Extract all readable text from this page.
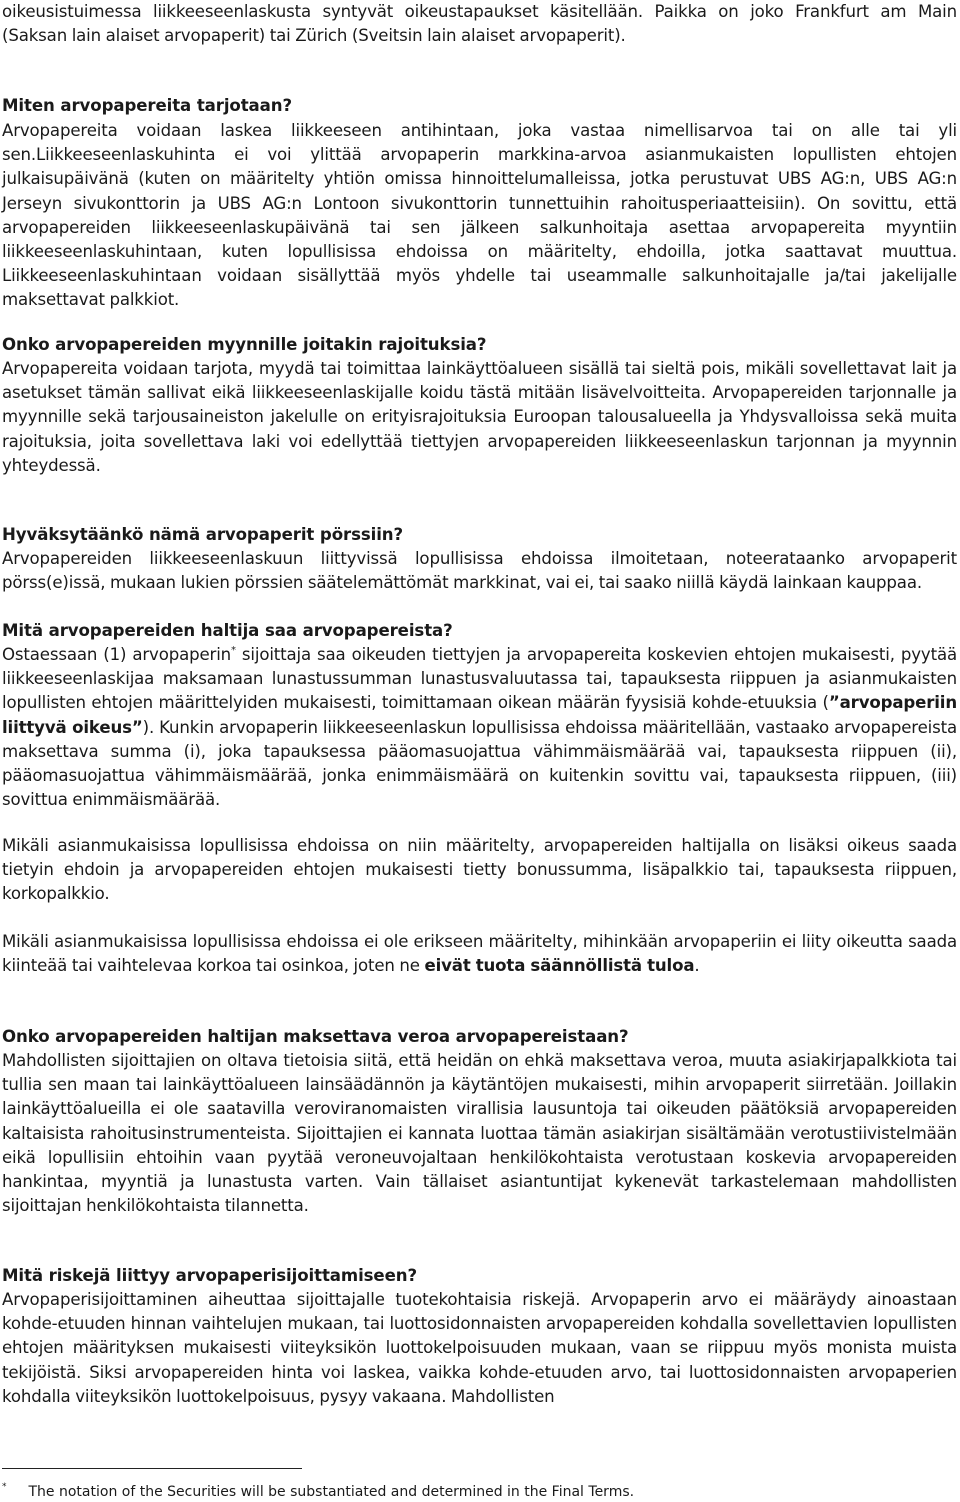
oikeusistuimessa liikkeeseenlaskusta syntyvät oikeustapaukset käsitellään. Paikka on joko Frankfurt am Main (Saksan lain alaiset arvopaperit) tai Zürich (Sveitsin lain alaiset arvopaperit).

Miten arvopapereita tarjotaan?

Arvopapereita voidaan laskea liikkeeseen antihintaan, joka vastaa nimellisarvoa tai on alle tai yli sen.Liikkeeseenlaskuhinta ei voi ylittää arvopaperin markkina-arvoa asianmukaisten lopullisten ehtojen julkaisupäivänä (kuten on määritelty yhtiön omissa hinnoittelumalleissa, jotka perustuvat UBS AG:n, UBS AG:n Jerseyn sivukonttorin ja UBS AG:n Lontoon sivukonttorin tunnettuihin rahoitusperiaatteisiin). On sovittu, että arvopapereiden liikkeeseenlaskupäivänä tai sen jälkeen salkunhoitaja asettaa arvopapereita myyntiin liikkeeseenlaskuhintaan, kuten lopullisissa ehdoissa on määritelty, ehdoilla, jotka saattavat muuttua. Liikkeeseenlaskuhintaan voidaan sisällyttää myös yhdelle tai useammalle salkunhoitajalle ja/tai jakelijalle maksettavat palkkiot.

Onko arvopapereiden myynnille joitakin rajoituksia?

Arvopapereita voidaan tarjota, myydä tai toimittaa lainkäyttöalueen sisällä tai sieltä pois, mikäli sovellettavat lait ja asetukset tämän sallivat eikä liikkeeseenlaskijalle koidu tästä mitään lisävelvoitteita. Arvopapereiden tarjonnalle ja myynnille sekä tarjousaineiston jakelulle on erityisrajoituksia Euroopan talousalueella ja Yhdysvalloissa sekä muita rajoituksia, joita sovellettava laki voi edellyttää tiettyjen arvopapereiden liikkeeseenlaskun tarjonnan ja myynnin yhteydessä.

Hyväksytäänkö nämä arvopaperit pörssiin?

Arvopapereiden liikkeeseenlaskuun liittyvissä lopullisissa ehdoissa ilmoitetaan, noteerataanko arvopaperit pörss(e)issä, mukaan lukien pörssien säätelemättömät markkinat, vai ei, tai saako niillä käydä lainkaan kauppaa.

Mitä arvopapereiden haltija saa arvopapereista?

Ostaessaan (1) arvopaperin* sijoittaja saa oikeuden tiettyjen ja arvopapereita koskevien ehtojen mukaisesti, pyytää liikkeeseenlaskijaa maksamaan lunastussumman lunastusvaluutassa tai, tapauksesta riippuen ja asianmukaisten lopullisten ehtojen määrittelyiden mukaisesti, toimittamaan oikean määrän fyysisiä kohde-etuuksia (”arvopaperiin liittyvä oikeus”). Kunkin arvopaperin liikkeeseenlaskun lopullisissa ehdoissa määritellään, vastaako arvopapereista maksettava summa (i), joka tapauksessa pääomasuojattua vähimmäismäärää vai, tapauksesta riippuen (ii), pääomasuojattua vähimmäismäärää, jonka enimmäismäärä on kuitenkin sovittu vai, tapauksesta riippuen, (iii) sovittua enimmäismäärää.

Mikäli asianmukaisissa lopullisissa ehdoissa on niin määritelty, arvopapereiden haltijalla on lisäksi oikeus saada tietyin ehdoin ja arvopapereiden ehtojen mukaisesti tietty bonussumma, lisäpalkkio tai, tapauksesta riippuen, korkopalkkio.

Mikäli asianmukaisissa lopullisissa ehdoissa ei ole erikseen määritelty, mihinkään arvopaperiin ei liity oikeutta saada kiinteää tai vaihtelevaa korkoa tai osinkoa, joten ne eivät tuota säännöllistä tuloa.

Onko arvopapereiden haltijan maksettava veroa arvopapereistaan?

Mahdollisten sijoittajien on oltava tietoisia siitä, että heidän on ehkä maksettava veroa, muuta asiakirjapalkkiota tai tullia sen maan tai lainkäyttöalueen lainsäädännön ja käytäntöjen mukaisesti, mihin arvopaperit siirretään. Joillakin lainkäyttöalueilla ei ole saatavilla veroviranomaisten virallisia lausuntoja tai oikeuden päätöksiä arvopapereiden kaltaisista rahoitusinstrumenteista. Sijoittajien ei kannata luottaa tämän asiakirjan sisältämään verotustiivistelmään eikä lopullisiin ehtoihin vaan pyytää veroneuvojaltaan henkilökohtaista verotustaan koskevia arvopapereiden hankintaa, myyntiä ja lunastusta varten. Vain tällaiset asiantuntijat kykenevät tarkastelemaan mahdollisten sijoittajan henkilökohtaista tilannetta.

Mitä riskejä liittyy arvopaperisijoittamiseen?

Arvopaperisijoittaminen aiheuttaa sijoittajalle tuotekohtaisia riskejä. Arvopaperin arvo ei määräydy ainoastaan kohde-etuuden hinnan vaihtelujen mukaan, tai luottosidonnaisten arvopapereiden kohdalla sovellettavien lopullisten ehtojen määrityksen mukaisesti viiteyksikön luottokelpoisuuden mukaan, vaan se riippuu myös monista muista tekijöistä. Siksi arvopapereiden hinta voi laskea, vaikka kohde-etuuden arvo, tai luottosidonnaisten arvopaperien kohdalla viiteyksikön luottokelpoisuus, pysyy vakaana. Mahdollisten

* The notation of the Securities will be substantiated and determined in the Final Terms.
